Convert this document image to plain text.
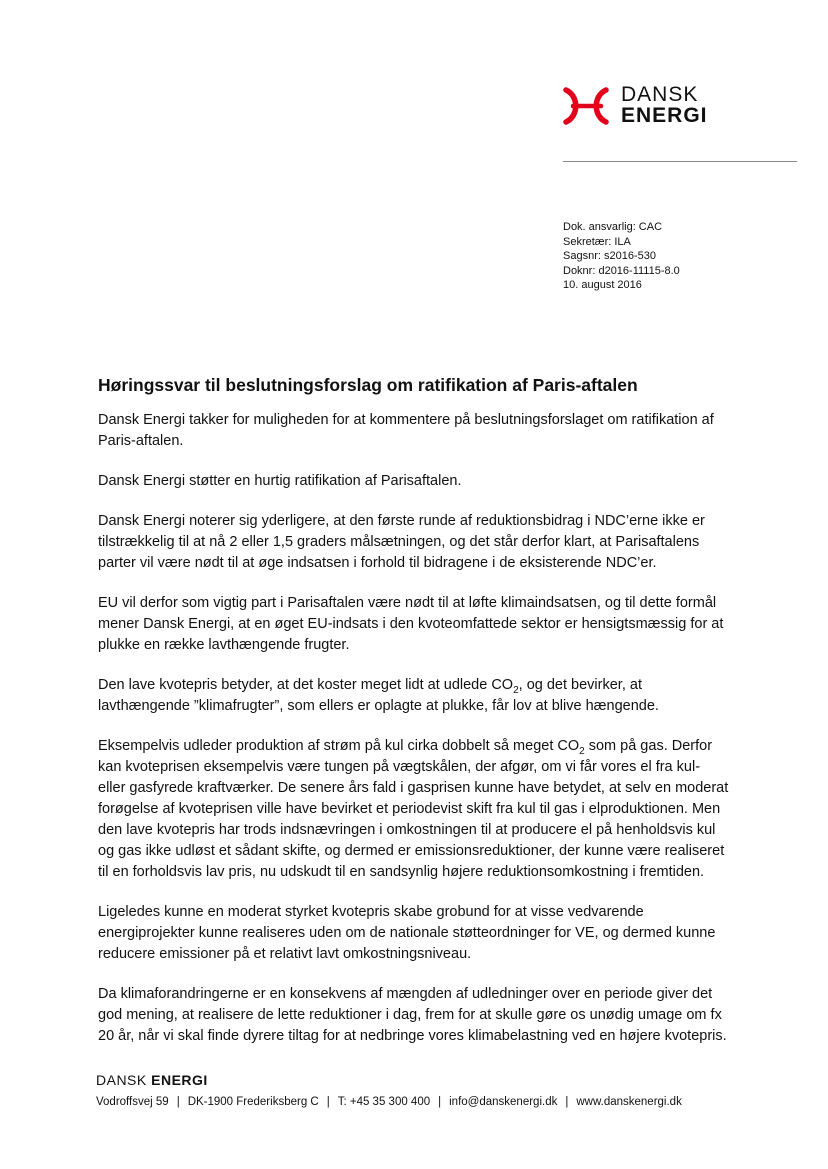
DANSK
ENERGI
Dok. ansvarlig: CAC
Sekretær: ILA
Sagsnr: s2016-530
Doknr: d2016-11115-8.0
10. august 2016
Høringssvar til beslutningsforslag om ratifikation af Paris-aftalen

Dansk Energi takker for muligheden for at kommentere på beslutningsforslaget om ratifikation af Paris-aftalen.

Dansk Energi støtter en hurtig ratifikation af Parisaftalen.

Dansk Energi noterer sig yderligere, at den første runde af reduktionsbidrag i NDC’erne ikke er tilstrækkelig til at nå 2 eller 1,5 graders målsætningen, og det står derfor klart, at Parisaftalens parter vil være nødt til at øge indsatsen i forhold til bidragene i de eksisterende NDC’er.

EU vil derfor som vigtig part i Parisaftalen være nødt til at løfte klimaindsatsen, og til dette formål mener Dansk Energi, at en øget EU-indsats i den kvoteomfattede sektor er hensigtsmæssig for at plukke en række lavthængende frugter.

Den lave kvotepris betyder, at det koster meget lidt at udlede $CO_2$, og det bevirker, at lavthængende ”klimafrugter”, som ellers er oplagte at plukke, får lov at blive hængende.

Eksempelvis udleder produktion af strøm på kul cirka dobbelt så meget $CO_2$ som på gas. Derfor kan kvoteprisen eksempelvis være tungen på vægtskålen, der afgør, om vi får vores el fra kul- eller gasfyrede kraftværker. De senere års fald i gasprisen kunne have betydet, at selv en moderat forøgelse af kvoteprisen ville have bevirket et periodevist skift fra kul til gas i elproduktionen. Men den lave kvotepris har trods indsnævringen i omkostningen til at producere el på henholdsvis kul og gas ikke udløst et sådant skifte, og dermed er emissionsreduktioner, der kunne være realiseret til en forholdsvis lav pris, nu udskudt til en sandsynlig højere reduktionsomkostning i fremtiden.

Ligeledes kunne en moderat styrket kvotepris skabe grobund for at visse vedvarende energiprojekter kunne realiseres uden om de nationale støtteordninger for VE, og dermed kunne reducere emissioner på et relativt lavt omkostningsniveau.

Da klimaforandringerne er en konsekvens af mængden af udledninger over en periode giver det god mening, at realisere de lette reduktioner i dag, frem for at skulle gøre os unødig umage om fx 20 år, når vi skal finde dyrere tiltag for at nedbringe vores klimabelastning ved en højere kvotepris.

DANSK ENERGI
Vodroffsvej 59 | DK-1900 Frederiksberg C | T: +45 35 300 400 | info@danskenergi.dk | www.danskenergi.dk
